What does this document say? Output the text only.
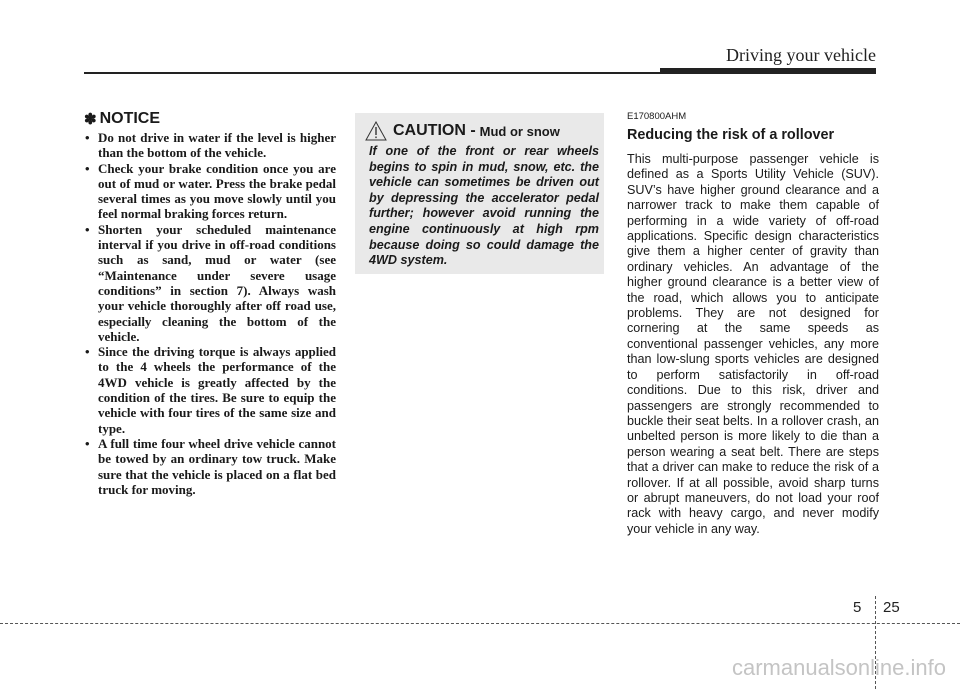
Driving your vehicle
✽ NOTICE
• Do not drive in water if the level is higher than the bottom of the vehicle.
• Check your brake condition once you are out of mud or water. Press the brake pedal several times as you move slowly until you feel normal braking forces return.
• Shorten your scheduled maintenance interval if you drive in off-road conditions such as sand, mud or water (see “Maintenance under severe usage conditions” in section 7). Always wash your vehicle thoroughly after off road use, especially cleaning the bottom of the vehicle.
• Since the driving torque is always applied to the 4 wheels the performance of the 4WD vehicle is greatly affected by the condition of the tires. Be sure to equip the vehicle with four tires of the same size and type.
• A full time four wheel drive vehicle cannot be towed by an ordinary tow truck. Make sure that the vehicle is placed on a flat bed truck for moving.
CAUTION - Mud or snow
If one of the front or rear wheels begins to spin in mud, snow, etc. the vehicle can sometimes be driven out by depressing the accelerator pedal further; however avoid running the engine continuously at high rpm because doing so could damage the 4WD system.
E170800AHM
Reducing the risk of a rollover

This multi-purpose passenger vehicle is defined as a Sports Utility Vehicle (SUV). SUV’s have higher ground clearance and a narrower track to make them capable of performing in a wide variety of off-road applications. Specific design characteristics give them a higher center of gravity than ordinary vehicles. An advantage of the higher ground clearance is a better view of the road, which allows you to anticipate problems. They are not designed for cornering at the same speeds as conventional passenger vehicles, any more than low-slung sports vehicles are designed to perform satisfactorily in off-road conditions. Due to this risk, driver and passengers are strongly recommended to buckle their seat belts. In a rollover crash, an unbelted person is more likely to die than a person wearing a seat belt. There are steps that a driver can make to reduce the risk of a rollover. If at all possible, avoid sharp turns or abrupt maneuvers, do not load your roof rack with heavy cargo, and never modify your vehicle in any way.

5 25
carmanualsonline.info
